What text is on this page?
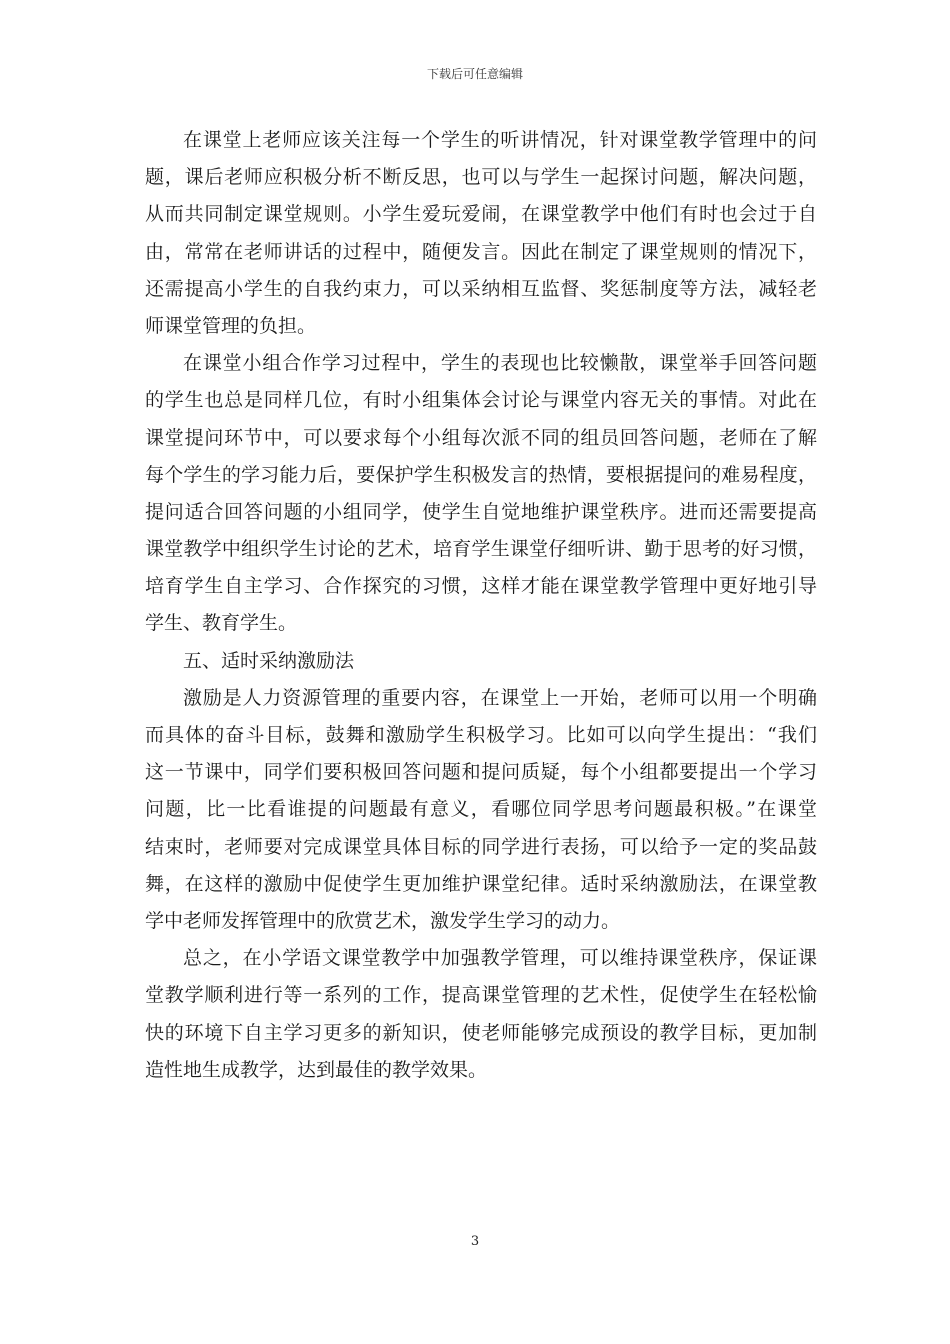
下载后可任意编辑
在课堂上老师应该关注每一个学生的听讲情况，针对课堂教学管理中的问
题，课后老师应积极分析不断反思，也可以与学生一起探讨问题，解决问题，
从而共同制定课堂规则。小学生爱玩爱闹，在课堂教学中他们有时也会过于自
由，常常在老师讲话的过程中，随便发言。因此在制定了课堂规则的情况下，
还需提高小学生的自我约束力，可以采纳相互监督、奖惩制度等方法，减轻老
师课堂管理的负担。
在课堂小组合作学习过程中，学生的表现也比较懒散，课堂举手回答问题
的学生也总是同样几位，有时小组集体会讨论与课堂内容无关的事情。对此在
课堂提问环节中，可以要求每个小组每次派不同的组员回答问题，老师在了解
每个学生的学习能力后，要保护学生积极发言的热情，要根据提问的难易程度，
提问适合回答问题的小组同学，使学生自觉地维护课堂秩序。进而还需要提高
课堂教学中组织学生讨论的艺术，培育学生课堂仔细听讲、勤于思考的好习惯，
培育学生自主学习、合作探究的习惯，这样才能在课堂教学管理中更好地引导
学生、教育学生。
五、适时采纳激励法
激励是人力资源管理的重要内容，在课堂上一开始，老师可以用一个明确
而具体的奋斗目标，鼓舞和激励学生积极学习。比如可以向学生提出：“我们
这一节课中，同学们要积极回答问题和提问质疑，每个小组都要提出一个学习
问题，比一比看谁提的问题最有意义，看哪位同学思考问题最积极。”在课堂
结束时，老师要对完成课堂具体目标的同学进行表扬，可以给予一定的奖品鼓
舞，在这样的激励中促使学生更加维护课堂纪律。适时采纳激励法，在课堂教
学中老师发挥管理中的欣赏艺术，激发学生学习的动力。
总之，在小学语文课堂教学中加强教学管理，可以维持课堂秩序，保证课
堂教学顺利进行等一系列的工作，提高课堂管理的艺术性，促使学生在轻松愉
快的环境下自主学习更多的新知识，使老师能够完成预设的教学目标，更加制
造性地生成教学，达到最佳的教学效果。
3
